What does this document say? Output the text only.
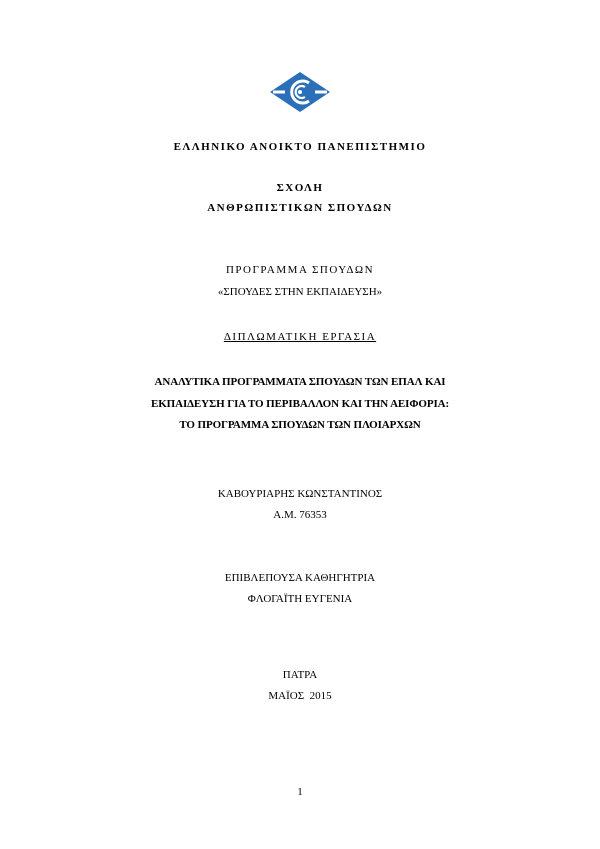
ΕΛΛΗΝΙΚΟ ΑΝΟΙΚΤΟ ΠΑΝΕΠΙΣΤΗΜΙΟ
ΣΧΟΛΗ
ΑΝΘΡΩΠΙΣΤΙΚΩΝ ΣΠΟΥΔΩΝ
ΠΡΟΓΡΑΜΜΑ ΣΠΟΥΔΩΝ
«ΣΠΟΥΔΕΣ ΣΤΗΝ ΕΚΠΑΙΔΕΥΣΗ»
ΔΙΠΛΩΜΑΤΙΚΗ ΕΡΓΑΣΙΑ
ΑΝΑΛΥΤΙΚΑ ΠΡΟΓΡΑΜΜΑΤΑ ΣΠΟΥΔΩΝ ΤΩΝ ΕΠΑΛ ΚΑΙ
ΕΚΠΑΙΔΕΥΣΗ ΓΙΑ ΤΟ ΠΕΡΙΒΑΛΛΟΝ ΚΑΙ ΤΗΝ ΑΕΙΦΟΡΙΑ:
ΤΟ ΠΡΟΓΡΑΜΜΑ ΣΠΟΥΔΩΝ ΤΩΝ ΠΛΟΙΑΡΧΩΝ
ΚΑΒΟΥΡΙΑΡΗΣ ΚΩΝΣΤΑΝΤΙΝΟΣ
Α.Μ. 76353
ΕΠΙΒΛΕΠΟΥΣΑ ΚΑΘΗΓΗΤΡΙΑ
ΦΛΟΓΑΪΤΗ ΕΥΓΕΝΙΑ
ΠΑΤΡΑ
ΜΑΪΟΣ  2015
1
